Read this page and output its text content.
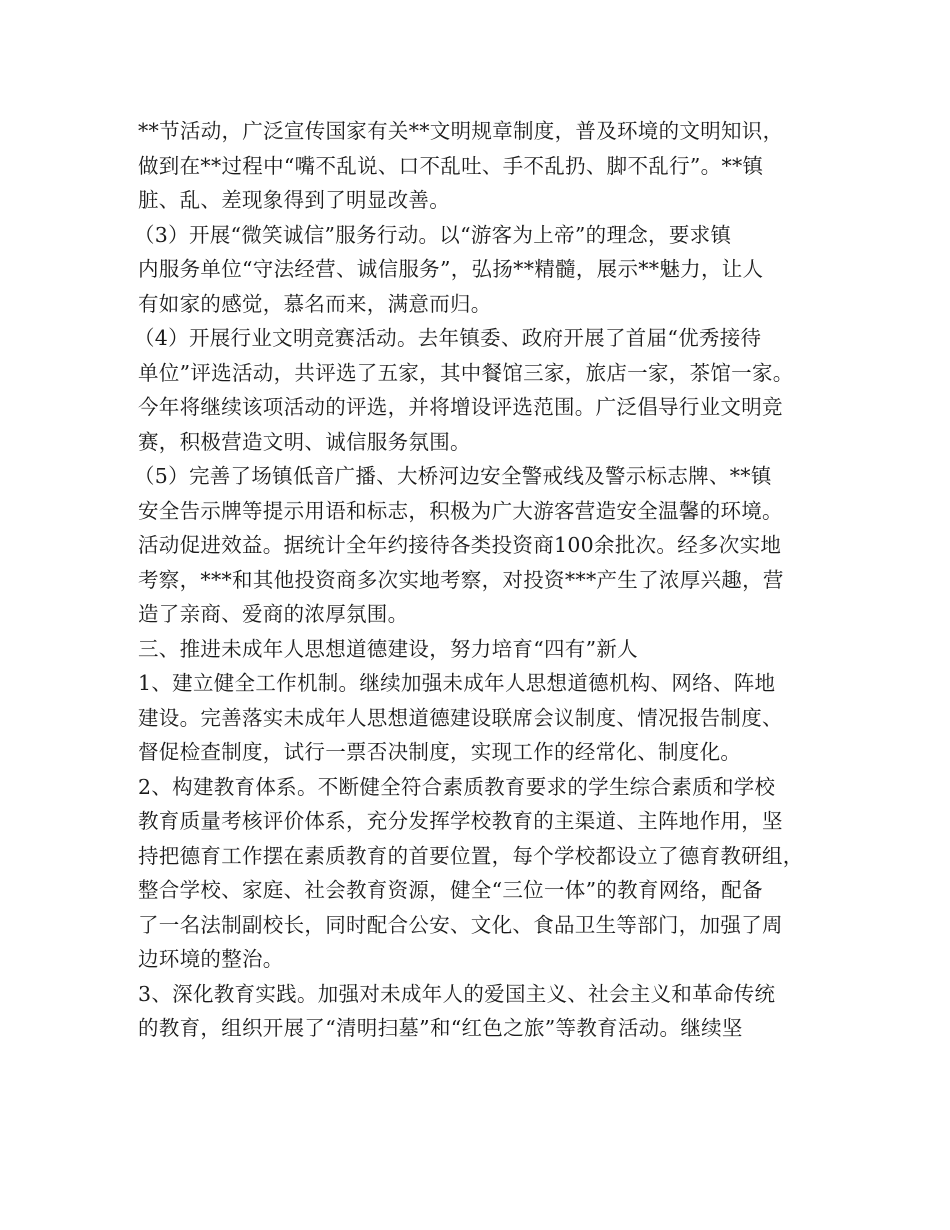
**节活动，广泛宣传国家有关**文明规章制度，普及环境的文明知识，
做到在**过程中“嘴不乱说、口不乱吐、手不乱扔、脚不乱行”。**镇
脏、乱、差现象得到了明显改善。
（3）开展“微笑诚信”服务行动。以“游客为上帝”的理念，要求镇
内服务单位“守法经营、诚信服务”，弘扬**精髓，展示**魅力，让人
有如家的感觉，慕名而来，满意而归。
（4）开展行业文明竞赛活动。去年镇委、政府开展了首届“优秀接待
单位”评选活动，共评选了五家，其中餐馆三家，旅店一家，茶馆一家。
今年将继续该项活动的评选，并将增设评选范围。广泛倡导行业文明竞
赛，积极营造文明、诚信服务氛围。
（5）完善了场镇低音广播、大桥河边安全警戒线及警示标志牌、**镇
安全告示牌等提示用语和标志，积极为广大游客营造安全温馨的环境。
活动促进效益。据统计全年约接待各类投资商100余批次。经多次实地
考察，***和其他投资商多次实地考察，对投资***产生了浓厚兴趣，营
造了亲商、爱商的浓厚氛围。
三、推进未成年人思想道德建设，努力培育“四有”新人
1、建立健全工作机制。继续加强未成年人思想道德机构、网络、阵地
建设。完善落实未成年人思想道德建设联席会议制度、情况报告制度、
督促检查制度，试行一票否决制度，实现工作的经常化、制度化。
2、构建教育体系。不断健全符合素质教育要求的学生综合素质和学校
教育质量考核评价体系，充分发挥学校教育的主渠道、主阵地作用，坚
持把德育工作摆在素质教育的首要位置，每个学校都设立了德育教研组，
整合学校、家庭、社会教育资源，健全“三位一体”的教育网络，配备
了一名法制副校长，同时配合公安、文化、食品卫生等部门，加强了周
边环境的整治。
3、深化教育实践。加强对未成年人的爱国主义、社会主义和革命传统
的教育，组织开展了“清明扫墓”和“红色之旅”等教育活动。继续坚
